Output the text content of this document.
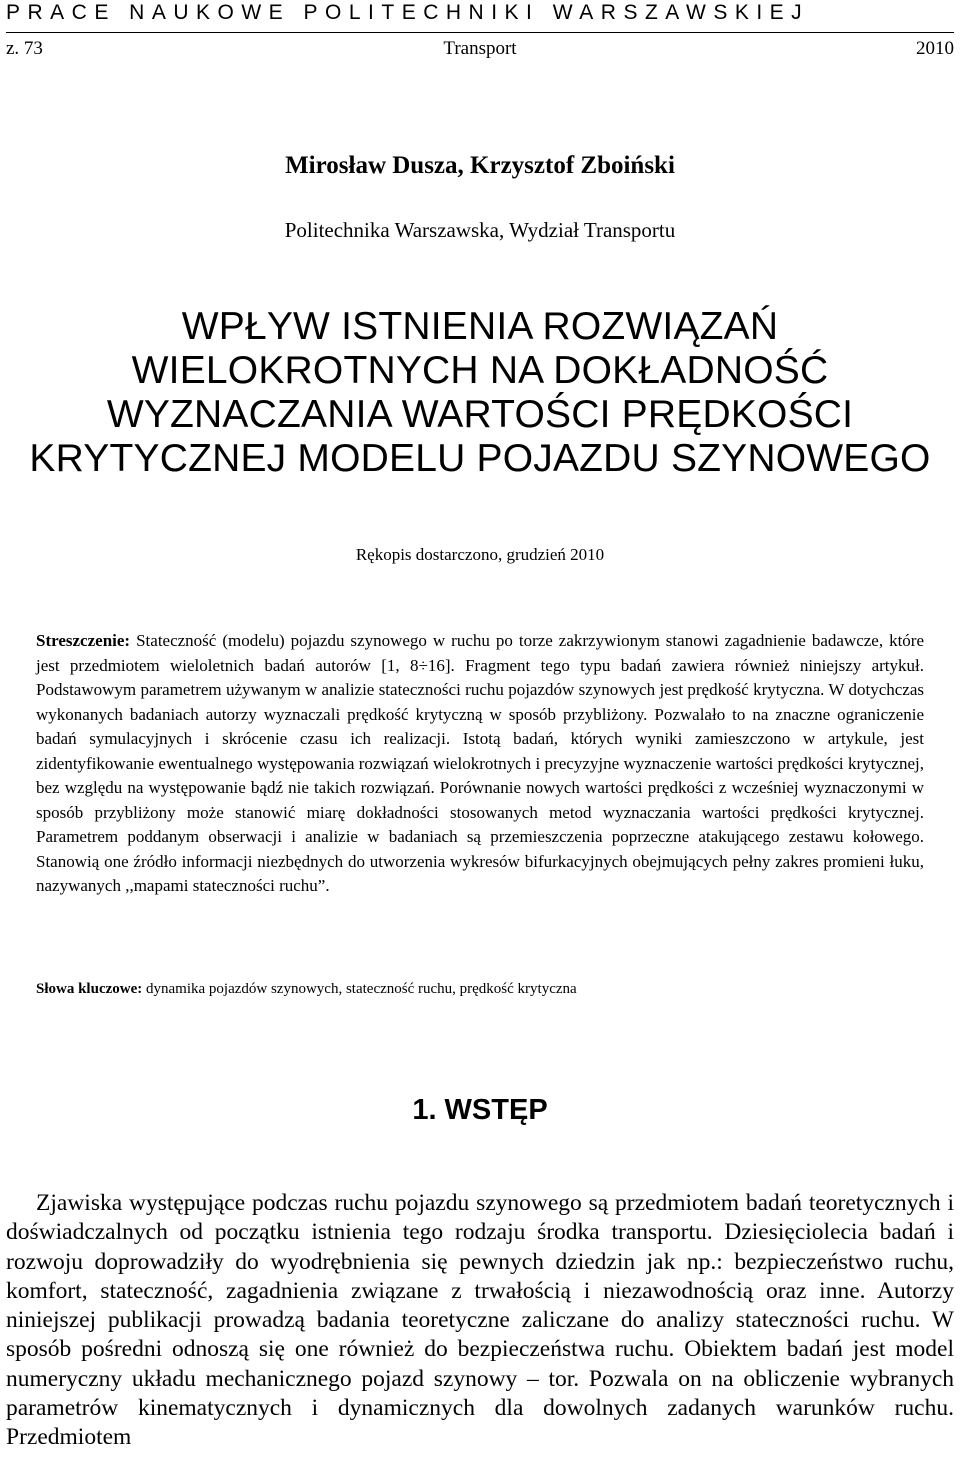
PRACE NAUKOWE POLITECHNIKI WARSZAWSKIEJ
Transport
z. 73	2010
Mirosław Dusza, Krzysztof Zboiński
Politechnika Warszawska, Wydział Transportu
WPŁYW ISTNIENIA ROZWIĄZAŃ
WIELOKROTNYCH NA DOKŁADNOŚĆ
WYZNACZANIA WARTOŚCI PRĘDKOŚCI
KRYTYCZNEJ MODELU POJAZDU SZYNOWEGO
Rękopis dostarczono, grudzień 2010
Streszczenie: Stateczność (modelu) pojazdu szynowego w ruchu po torze zakrzywionym stanowi zagadnienie badawcze, które jest przedmiotem wieloletnich badań autorów [1, 8÷16]. Fragment tego typu badań zawiera również niniejszy artykuł. Podstawowym parametrem używanym w analizie stateczności ruchu pojazdów szynowych jest prędkość krytyczna. W dotychczas wykonanych badaniach autorzy wyznaczali prędkość krytyczną w sposób przybliżony. Pozwalało to na znaczne ograniczenie badań symulacyjnych i skrócenie czasu ich realizacji. Istotą badań, których wyniki zamieszczono w artykule, jest zidentyfikowanie ewentualnego występowania rozwiązań wielokrotnych i precyzyjne wyznaczenie wartości prędkości krytycznej, bez względu na występowanie bądź nie takich rozwiązań. Porównanie nowych wartości prędkości z wcześniej wyznaczonymi w sposób przybliżony może stanowić miarę dokładności stosowanych metod wyznaczania wartości prędkości krytycznej. Parametrem poddanym obserwacji i analizie w badaniach są przemieszczenia poprzeczne atakującego zestawu kołowego. Stanowią one źródło informacji niezbędnych do utworzenia wykresów bifurkacyjnych obejmujących pełny zakres promieni łuku, nazywanych ,,mapami stateczności ruchu”.
Słowa kluczowe: dynamika pojazdów szynowych, stateczność ruchu, prędkość krytyczna
1. WSTĘP
Zjawiska występujące podczas ruchu pojazdu szynowego są przedmiotem badań teoretycznych i doświadczalnych od początku istnienia tego rodzaju środka transportu. Dziesięciolecia badań i rozwoju doprowadziły do wyodrębnienia się pewnych dziedzin jak np.: bezpieczeństwo ruchu, komfort, stateczność, zagadnienia związane z trwałością i niezawodnością oraz inne. Autorzy niniejszej publikacji prowadzą badania teoretyczne zaliczane do analizy stateczności ruchu. W sposób pośredni odnoszą się one również do bezpieczeństwa ruchu. Obiektem badań jest model numeryczny układu mechanicznego pojazd szynowy – tor. Pozwala on na obliczenie wybranych parametrów kinematycznych i dynamicznych dla dowolnych zadanych warunków ruchu. Przedmiotem
